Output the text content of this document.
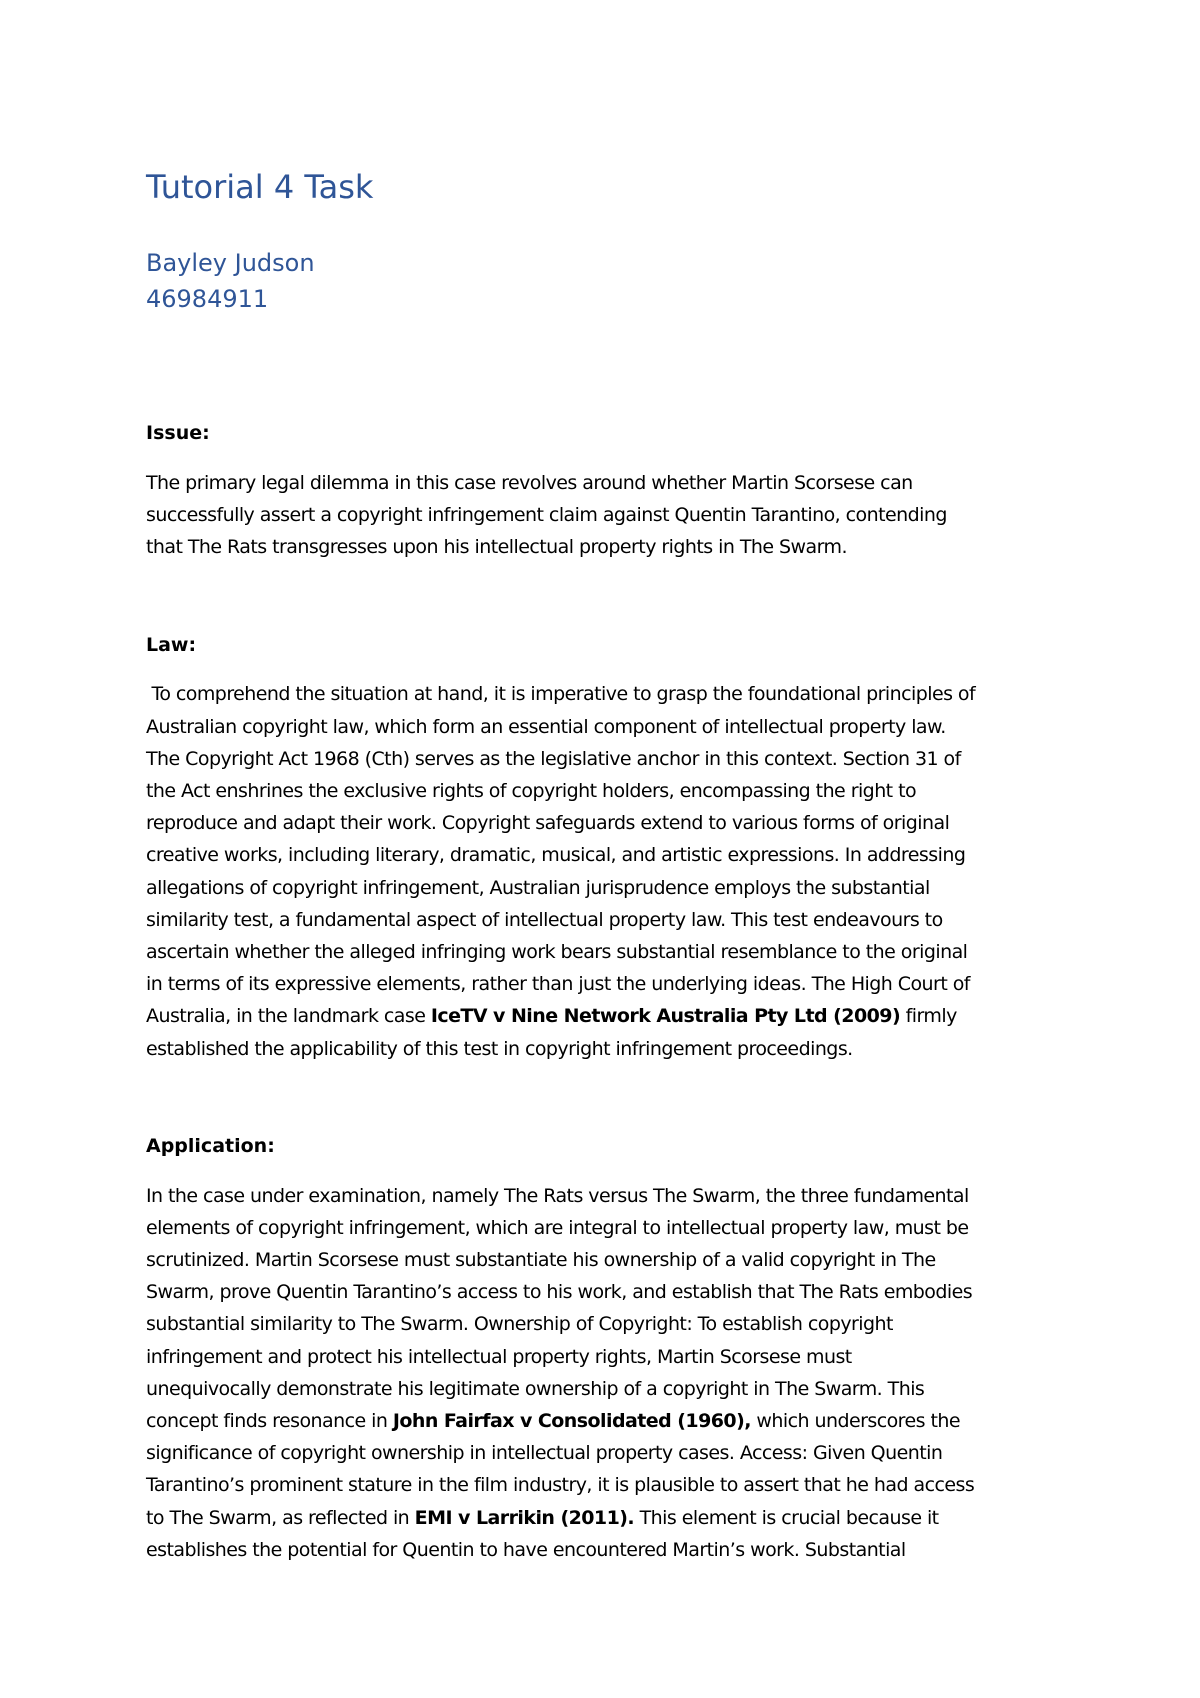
Tutorial 4 Task
Bayley Judson
46984911
Issue:
The primary legal dilemma in this case revolves around whether Martin Scorsese can
successfully assert a copyright infringement claim against Quentin Tarantino, contending
that The Rats transgresses upon his intellectual property rights in The Swarm.
Law:
To comprehend the situation at hand, it is imperative to grasp the foundational principles of
Australian copyright law, which form an essential component of intellectual property law.
The Copyright Act 1968 (Cth) serves as the legislative anchor in this context. Section 31 of
the Act enshrines the exclusive rights of copyright holders, encompassing the right to
reproduce and adapt their work. Copyright safeguards extend to various forms of original
creative works, including literary, dramatic, musical, and artistic expressions. In addressing
allegations of copyright infringement, Australian jurisprudence employs the substantial
similarity test, a fundamental aspect of intellectual property law. This test endeavours to
ascertain whether the alleged infringing work bears substantial resemblance to the original
in terms of its expressive elements, rather than just the underlying ideas. The High Court of
Australia, in the landmark case IceTV v Nine Network Australia Pty Ltd (2009) firmly
established the applicability of this test in copyright infringement proceedings.
Application:
In the case under examination, namely The Rats versus The Swarm, the three fundamental
elements of copyright infringement, which are integral to intellectual property law, must be
scrutinized. Martin Scorsese must substantiate his ownership of a valid copyright in The
Swarm, prove Quentin Tarantino’s access to his work, and establish that The Rats embodies
substantial similarity to The Swarm. Ownership of Copyright: To establish copyright
infringement and protect his intellectual property rights, Martin Scorsese must
unequivocally demonstrate his legitimate ownership of a copyright in The Swarm. This
concept finds resonance in John Fairfax v Consolidated (1960), which underscores the
significance of copyright ownership in intellectual property cases. Access: Given Quentin
Tarantino’s prominent stature in the film industry, it is plausible to assert that he had access
to The Swarm, as reflected in EMI v Larrikin (2011). This element is crucial because it
establishes the potential for Quentin to have encountered Martin’s work. Substantial
